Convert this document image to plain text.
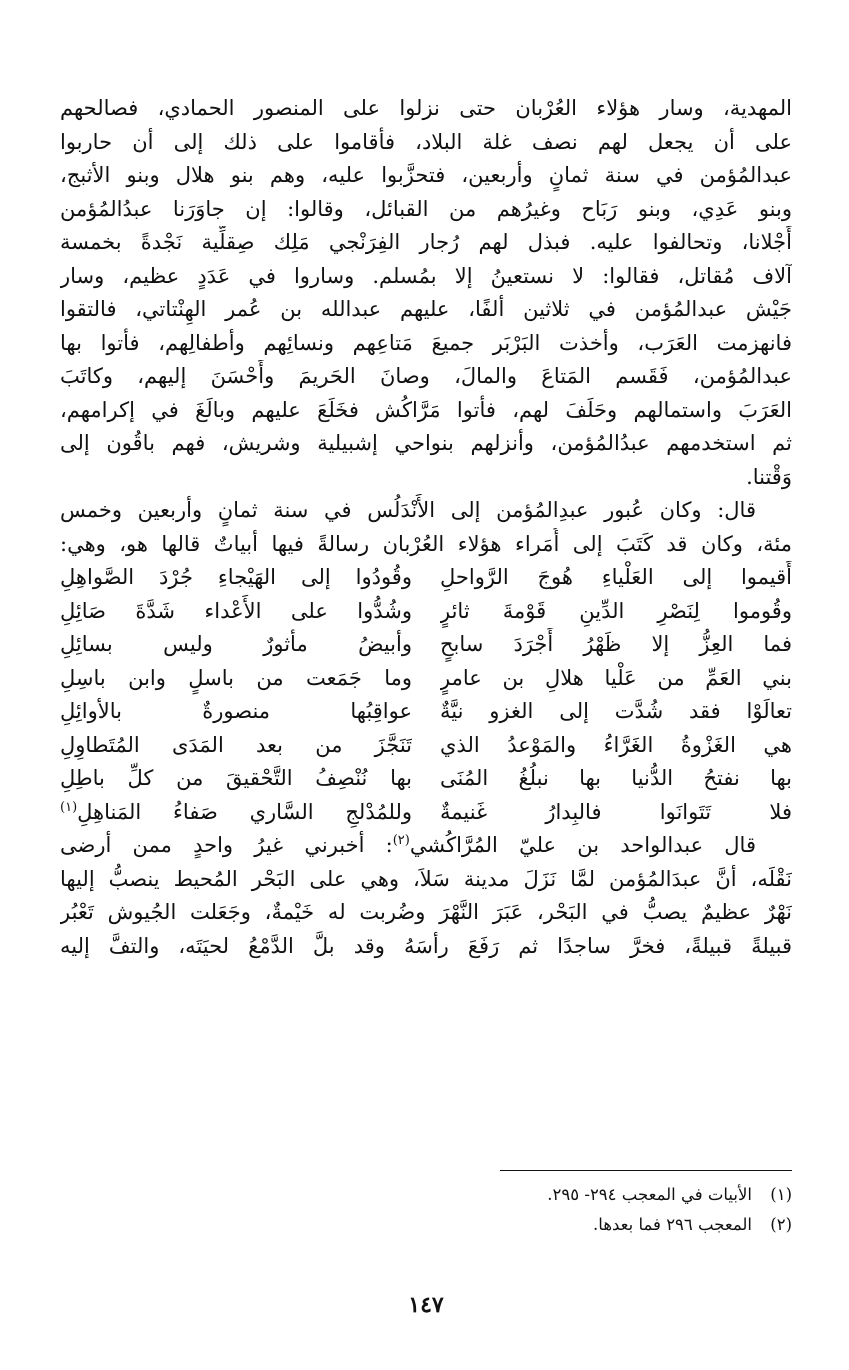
المهدية، وسار هؤلاء العُرْبان حتى نزلوا على المنصور الحمادي، فصالحهم
على أن يجعل لهم نصف غلة البلاد، فأقاموا على ذلك إلى أن حاربوا
عبدالمُؤمن في سنة ثمانٍ وأربعين، فتحزَّبوا عليه، وهم بنو هلال وبنو الأثبج،
وبنو عَدِي، وبنو رَبَاح وغيرُهم من القبائل، وقالوا: إن جاوَرَنا عبدُالمُؤمن
أَجْلانا، وتحالفوا عليه. فبذل لهم رُجار الفِرَنْجي مَلِك صِقلِّية نَجْدةً بخمسة
آلاف مُقاتل، فقالوا: لا نستعينُ إلا بمُسلم. وساروا في عَدَدٍ عظيم، وسار
جَيْش عبدالمُؤمن في ثلاثين ألفًا، عليهم عبدالله بن عُمر الهِنْتاتي، فالتقوا
فانهزمت العَرَب، وأخذت البَرْبَر جميعَ مَتاعِهم ونسائِهم وأطفالِهم، فأتوا بها
عبدالمُؤمن، فَقَسم المَتاعَ والمالَ، وصانَ الحَريمَ وأَحْسَنَ إليهم، وكاتَبَ
العَرَبَ واستمالهم وحَلَفَ لهم، فأتوا مَرَّاكُش فخَلَعَ عليهم وبالَغَ في إكرامهم،
ثم استخدمهم عبدُالمُؤمن، وأنزلهم بنواحي إشبيلية وشريش، فهم باقُون إلى
وَقْتنا.

قال: وكان عُبور عبدِالمُؤمن إلى الأَنْدَلُس في سنة ثمانٍ وأربعين وخمس
مئة، وكان قد كَتَبَ إلى أُمَراء هؤلاء العُرْبان رسالةً فيها أبياتٌ قالها هو، وهي:

أَقيموا إلى العَلْياءِ هُوجَ الرَّواحلِ
وقُودُوا إلى الهَيْجاءِ جُرْدَ الصَّواهِلِ
وقُوموا لِنَصْرِ الدِّينِ قَوْمةَ ثائرٍ
وشُدُّوا على الأَعْداء شَدَّةَ صَائِلِ
فما العِزُّ إلا ظَهْرُ أَجْرَدَ سابحٍ
وأبيضُ مأثورٌ وليس بسائِلِ
بني العَمِّ من عَلْيا هلالِ بن عامرٍ
وما جَمَعت من باسلٍ وابن باسِلِ
تعالَوْا فقد شُدَّت إلى الغزو نيَّةٌ
عواقِبُها منصورةٌ بالأوائِلِ
هي الغَزْوةُ الغَرَّاءُ والمَوْعدُ الذي
تَنَجَّزَ من بعد المَدَى المُتَطاوِلِ
بها نفتحُ الدُّنيا بها نبلُغُ المُنَى
بها نُنْصِفُ التَّحْقيقَ من كلِّ باطِلِ
فلا تَتَوانَوا فالبِدارُ غَنيمةٌ
وللمُدْلجِ السَّاري صَفاءُ المَناهِلِ$^{(١)}$

قال عبدالواحد بن عليّ المُرَّاكُشي$^{(٢)}$: أخبرني غيرُ واحدٍ ممن أرضى
نَقْلَه، أنَّ عبدَالمُؤمن لمَّا نَزَلَ مدينة سَلاَ، وهي على البَحْر المُحيط ينصبُّ إليها
نَهْرٌ عظيمٌ يصبُّ في البَحْر، عَبَرَ النَّهْرَ وضُربت له خَيْمةٌ، وجَعَلت الجُيوش تَعْبُر
قبيلةً قبيلةً، فخرَّ ساجدًا ثم رَفَعَ رأسَهُ وقد بلَّ الدَّمْعُ لحيَتَه، والتفَّ إليه

(١)
الأبيات في المعجب ٢٩٤- ٢٩٥.
(٢)
المعجب ٢٩٦ فما بعدها.
١٤٧
